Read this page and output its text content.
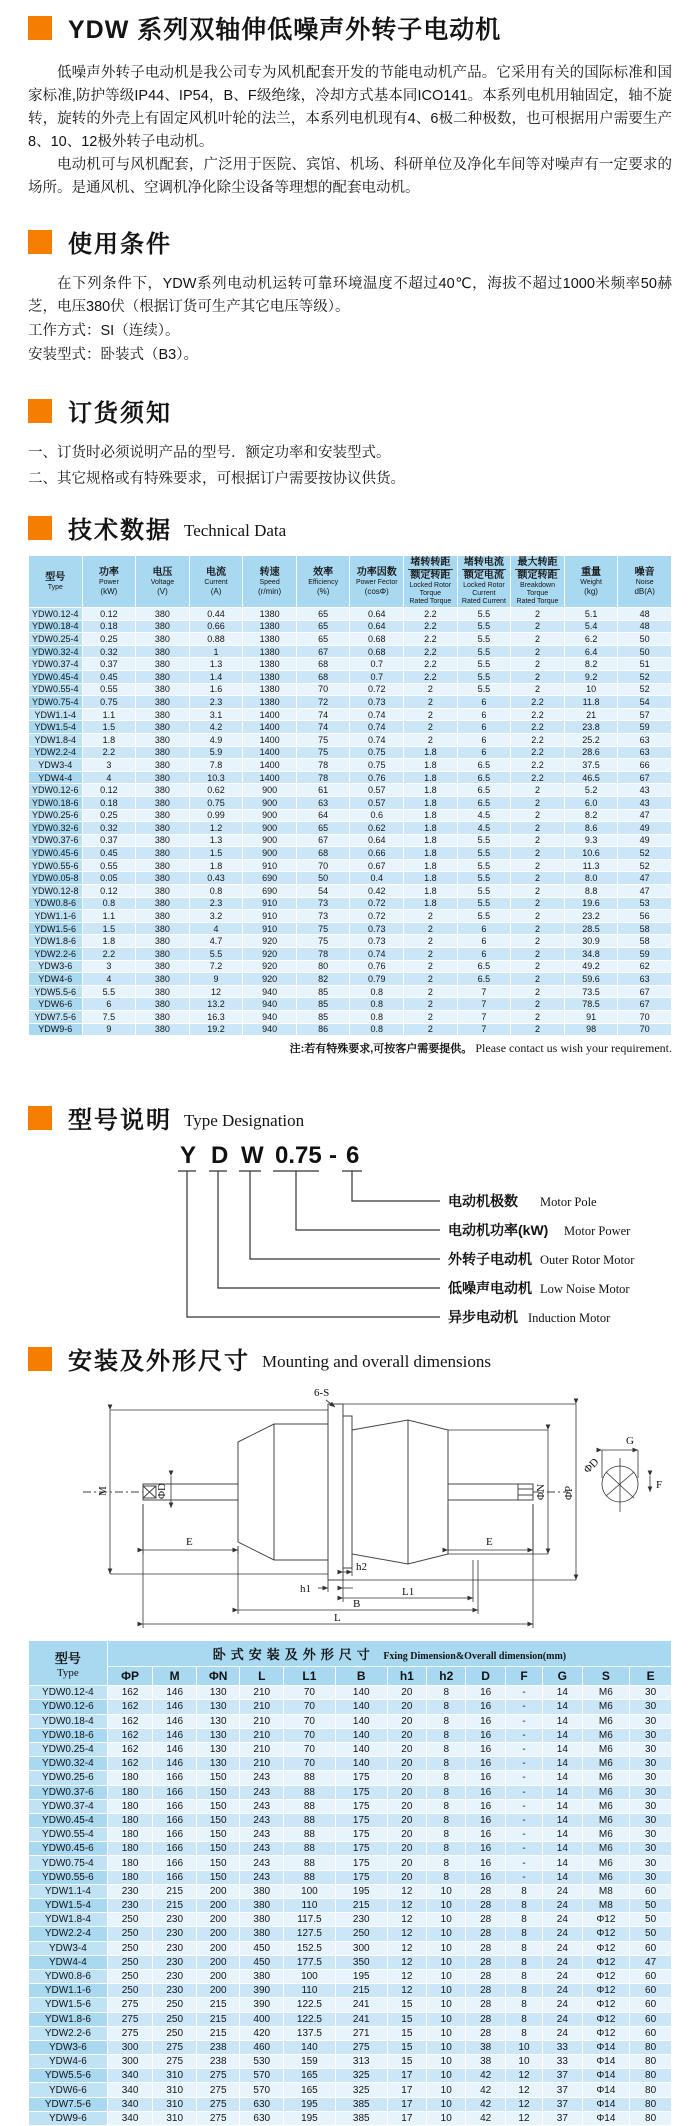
YDW 系列双轴伸低噪声外转子电动机

低噪声外转子电动机是我公司专为风机配套开发的节能电动机产品。它采用有关的国际标准和国家标准,防护等级IP44、IP54，B、F级绝缘，冷却方式基本同ICO141。本系列电机用轴固定，轴不旋转，旋转的外壳上有固定风机叶轮的法兰，本系列电机现有4、6极二种极数，也可根据用户需要生产8、10、12极外转子电动机。

电动机可与风机配套，广泛用于医院、宾馆、机场、科研单位及净化车间等对噪声有一定要求的场所。是通风机、空调机净化除尘设备等理想的配套电动机。

使用条件

在下列条件下，YDW系列电动机运转可靠环境温度不超过40℃，海拔不超过1000米频率50赫芝，电压380伏（根据订货可生产其它电压等级）。

工作方式：SI（连续）。
安装型式：卧装式（B3）。
订货须知
一、订货时必须说明产品的型号．额定功率和安装型式。
二、其它规格或有特殊要求，可根据订户需要按协议供货。
技术数据 Technical Data
型号
Type

功率
Power
(kW)

电压
Voltage
(V)

电流
Current
(A)

转速
Speed
(r/min)

效率
Efficiency
(%)

功率因数
Power Fector
(cosΦ)

堵转转距
额定转距
Locked Rotor Torque
Rated Torque

堵转电流
额定电流
Locked Rotor Current
Rated Current

最大转距
额定转距
Breakdown Torque
Rated Torque

重量
Weight
(kg)

噪音
Noise
dB(A)

YDW0.12-4	0.12	380	0.44	1380	65	0.64	2.2	5.5	2	5.1	48
YDW0.18-4	0.18	380	0.66	1380	65	0.64	2.2	5.5	2	5.4	48
YDW0.25-4	0.25	380	0.88	1380	65	0.68	2.2	5.5	2	6.2	50
YDW0.32-4	0.32	380	1	1380	67	0.68	2.2	5.5	2	6.4	50
YDW0.37-4	0.37	380	1.3	1380	68	0.7	2.2	5.5	2	8.2	51
YDW0.45-4	0.45	380	1.4	1380	68	0.7	2.2	5.5	2	9.2	52
YDW0.55-4	0.55	380	1.6	1380	70	0.72	2	5.5	2	10	52
YDW0.75-4	0.75	380	2.3	1380	72	0.73	2	6	2.2	11.8	54
YDW1.1-4	1.1	380	3.1	1400	74	0.74	2	6	2.2	21	57
YDW1.5-4	1.5	380	4.2	1400	74	0.74	2	6	2.2	23.8	59
YDW1.8-4	1.8	380	4.9	1400	75	0.74	2	6	2.2	25.2	63
YDW2.2-4	2.2	380	5.9	1400	75	0.75	1.8	6	2.2	28.6	63
YDW3-4	3	380	7.8	1400	78	0.75	1.8	6.5	2.2	37.5	66
YDW4-4	4	380	10.3	1400	78	0.76	1.8	6.5	2.2	46.5	67
YDW0.12-6	0.12	380	0.62	900	61	0.57	1.8	6.5	2	5.2	43
YDW0.18-6	0.18	380	0.75	900	63	0.57	1.8	6.5	2	6.0	43
YDW0.25-6	0.25	380	0.99	900	64	0.6	1.8	4.5	2	8.2	47
YDW0.32-6	0.32	380	1.2	900	65	0.62	1.8	4.5	2	8.6	49
YDW0.37-6	0.37	380	1.3	900	67	0.64	1.8	5.5	2	9.3	49
YDW0.45-6	0.45	380	1.5	900	68	0.66	1.8	5.5	2	10.6	52
YDW0.55-6	0.55	380	1.8	910	70	0.67	1.8	5.5	2	11.3	52
YDW0.05-8	0.05	380	0.43	690	50	0.4	1.8	5.5	2	8.0	47
YDW0.12-8	0.12	380	0.8	690	54	0.42	1.8	5.5	2	8.8	47
YDW0.8-6	0.8	380	2.3	910	73	0.72	1.8	5.5	2	19.6	53
YDW1.1-6	1.1	380	3.2	910	73	0.72	2	5.5	2	23.2	56
YDW1.5-6	1.5	380	4	910	75	0.73	2	6	2	28.5	58
YDW1.8-6	1.8	380	4.7	920	75	0.73	2	6	2	30.9	58
YDW2.2-6	2.2	380	5.5	920	78	0.74	2	6	2	34.8	59
YDW3-6	3	380	7.2	920	80	0.76	2	6.5	2	49.2	62
YDW4-6	4	380	9	920	82	0.79	2	6.5	2	59.6	63
YDW5.5-6	5.5	380	12	940	85	0.8	2	7	2	73.5	67
YDW6-6	6	380	13.2	940	85	0.8	2	7	2	78.5	67
YDW7.5-6	7.5	380	16.3	940	85	0.8	2	7	2	91	70
YDW9-6	9	380	19.2	940	86	0.8	2	7	2	98	70
注:若有特殊要求,可按客户需要提供。 Please contact us wish your requirement.
型号说明 Type Designation
Y D W 0.75 - 6
电动机极数 Motor Pole
电动机功率(kW) Motor Power
外转子电动机 Outer Rotor Motor
低噪声电动机 Low Noise Motor
异步电动机 Induction Motor
安装及外形尺寸 Mounting and overall dimensions
6-S
M	ΦD
E	E
ΦN ΦP
h1
h2
L1
B
L
G
ΦD
F
型号
Type	卧式安装及外形尺寸 Fxing Dimension&Overall dimension(mm)												
	ΦP	M	ΦN	L	L1	B	h1	h2	D	F	G	S	E
YDW0.12-4	162	146	130	210	70	140	20	8	16	-	14	M6	30
YDW0.12-6	162	146	130	210	70	140	20	8	16	-	14	M6	30
YDW0.18-4	162	146	130	210	70	140	20	8	16	-	14	M6	30
YDW0.18-6	162	146	130	210	70	140	20	8	16	-	14	M6	30
YDW0.25-4	162	146	130	210	70	140	20	8	16	-	14	M6	30
YDW0.32-4	162	146	130	210	70	140	20	8	16	-	14	M6	30
YDW0.25-6	180	166	150	243	88	175	20	8	16	-	14	M6	30
YDW0.37-6	180	166	150	243	88	175	20	8	16	-	14	M6	30
YDW0.37-4	180	166	150	243	88	175	20	8	16	-	14	M6	30
YDW0.45-4	180	166	150	243	88	175	20	8	16	-	14	M6	30
YDW0.55-4	180	166	150	243	88	175	20	8	16	-	14	M6	30
YDW0.45-6	180	166	150	243	88	175	20	8	16	-	14	M6	30
YDW0.75-4	180	166	150	243	88	175	20	8	16	-	14	M6	30
YDW0.55-6	180	166	150	243	88	175	20	8	16	-	14	M6	30
YDW1.1-4	230	215	200	380	100	195	12	10	28	8	24	M8	60
YDW1.5-4	230	215	200	380	110	215	12	10	28	8	24	M8	50
YDW1.8-4	250	230	200	380	117.5	230	12	10	28	8	24	Φ12	50
YDW2.2-4	250	230	200	380	127.5	250	12	10	28	8	24	Φ12	50
YDW3-4	250	230	200	450	152.5	300	12	10	28	8	24	Φ12	60
YDW4-4	250	230	200	450	177.5	350	12	10	28	8	24	Φ12	47
YDW0.8-6	250	230	200	380	100	195	12	10	28	8	24	Φ12	60
YDW1.1-6	250	230	200	390	110	215	12	10	28	8	24	Φ12	60
YDW1.5-6	275	250	215	390	122.5	241	15	10	28	8	24	Φ12	60
YDW1.8-6	275	250	215	400	122.5	241	15	10	28	8	24	Φ12	60
YDW2.2-6	275	250	215	420	137.5	271	15	10	28	8	24	Φ12	60
YDW3-6	300	275	238	460	140	275	15	10	38	10	33	Φ14	80
YDW4-6	300	275	238	530	159	313	15	10	38	10	33	Φ14	80
YDW5.5-6	340	310	275	570	165	325	17	10	42	12	37	Φ14	80
YDW6-6	340	310	275	570	165	325	17	10	42	12	37	Φ14	80
YDW7.5-6	340	310	275	630	195	385	17	10	42	12	37	Φ14	80
YDW9-6	340	310	275	630	195	385	17	10	42	12	37	Φ14	80
